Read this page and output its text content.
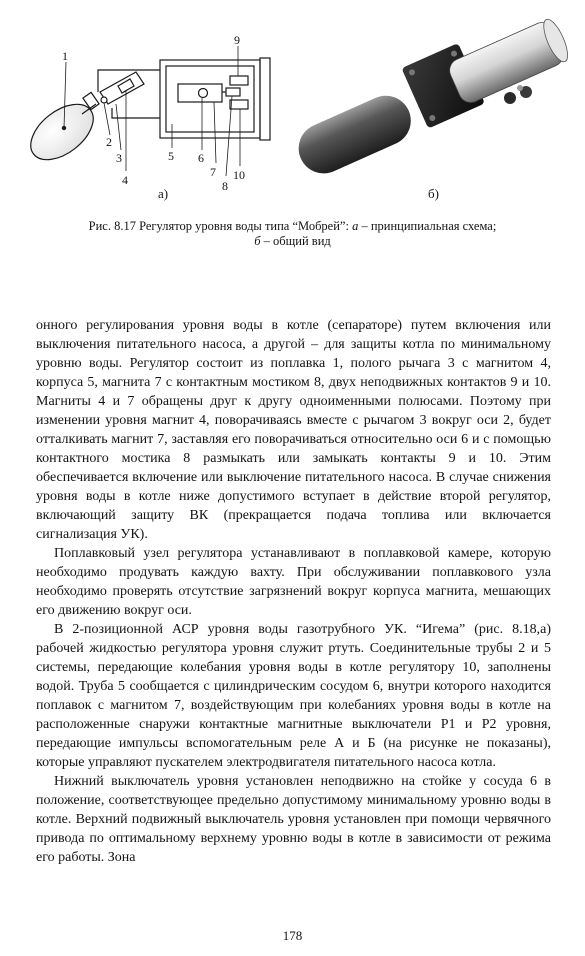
1
2
3
4
5 6
7
8
9
10
а)	б)
Рис. 8.17 Регулятор уровня воды типа “Мобрей”: а – принципиальная схема;
б – общий вид

онного регулирования уровня воды в котле (сепараторе) путем включения или выключения питательного насоса, а другой – для защиты котла по минимальному уровню воды. Регулятор состоит из поплавка 1, полого рычага 3 с магнитом 4, корпуса 5, магнита 7 с контактным мостиком 8, двух неподвижных контактов 9 и 10. Магниты 4 и 7 обращены друг к другу одноименными полюсами. Поэтому при изменении уровня магнит 4, поворачиваясь вместе с рычагом 3 вокруг оси 2, будет отталкивать магнит 7, заставляя его поворачиваться относительно оси 6 и с помощью контактного мостика 8 размыкать или замыкать контакты 9 и 10. Этим обеспечивается включение или выключение питательного насоса. В случае снижения уровня воды в котле ниже допустимого вступает в действие второй регулятор, включающий защиту ВК (прекращается подача топлива или включается сигнализация УК).

Поплавковый узел регулятора устанавливают в поплавковой камере, которую необходимо продувать каждую вахту. При обслуживании поплавкового узла необходимо проверять отсутствие загрязнений вокруг корпуса магнита, мешающих его движению вокруг оси.

В 2-позиционной АСР уровня воды газотрубного УК. “Игема” (рис. 8.18,а) рабочей жидкостью регулятора уровня служит ртуть. Соединительные трубы 2 и 5 системы, передающие колебания уровня воды в котле регулятору 10, заполнены водой. Труба 5 сообщается с цилиндрическим сосудом 6, внутри которого находится поплавок с магнитом 7, воздействующим при колебаниях уровня воды в котле на расположенные снаружи контактные магнитные выключатели P1 и P2 уровня, передающие импульсы вспомогательным реле А и Б (на рисунке не показаны), которые управляют пускателем электродвигателя питательного насоса котла.

Нижний выключатель уровня установлен неподвижно на стойке у сосуда 6 в положение, соответствующее предельно допустимому минимальному уровню воды в котле. Верхний подвижный выключатель уровня установлен при помощи червячного привода по оптимальному верхнему уровню воды в котле в зависимости от режима его работы. Зона

178
